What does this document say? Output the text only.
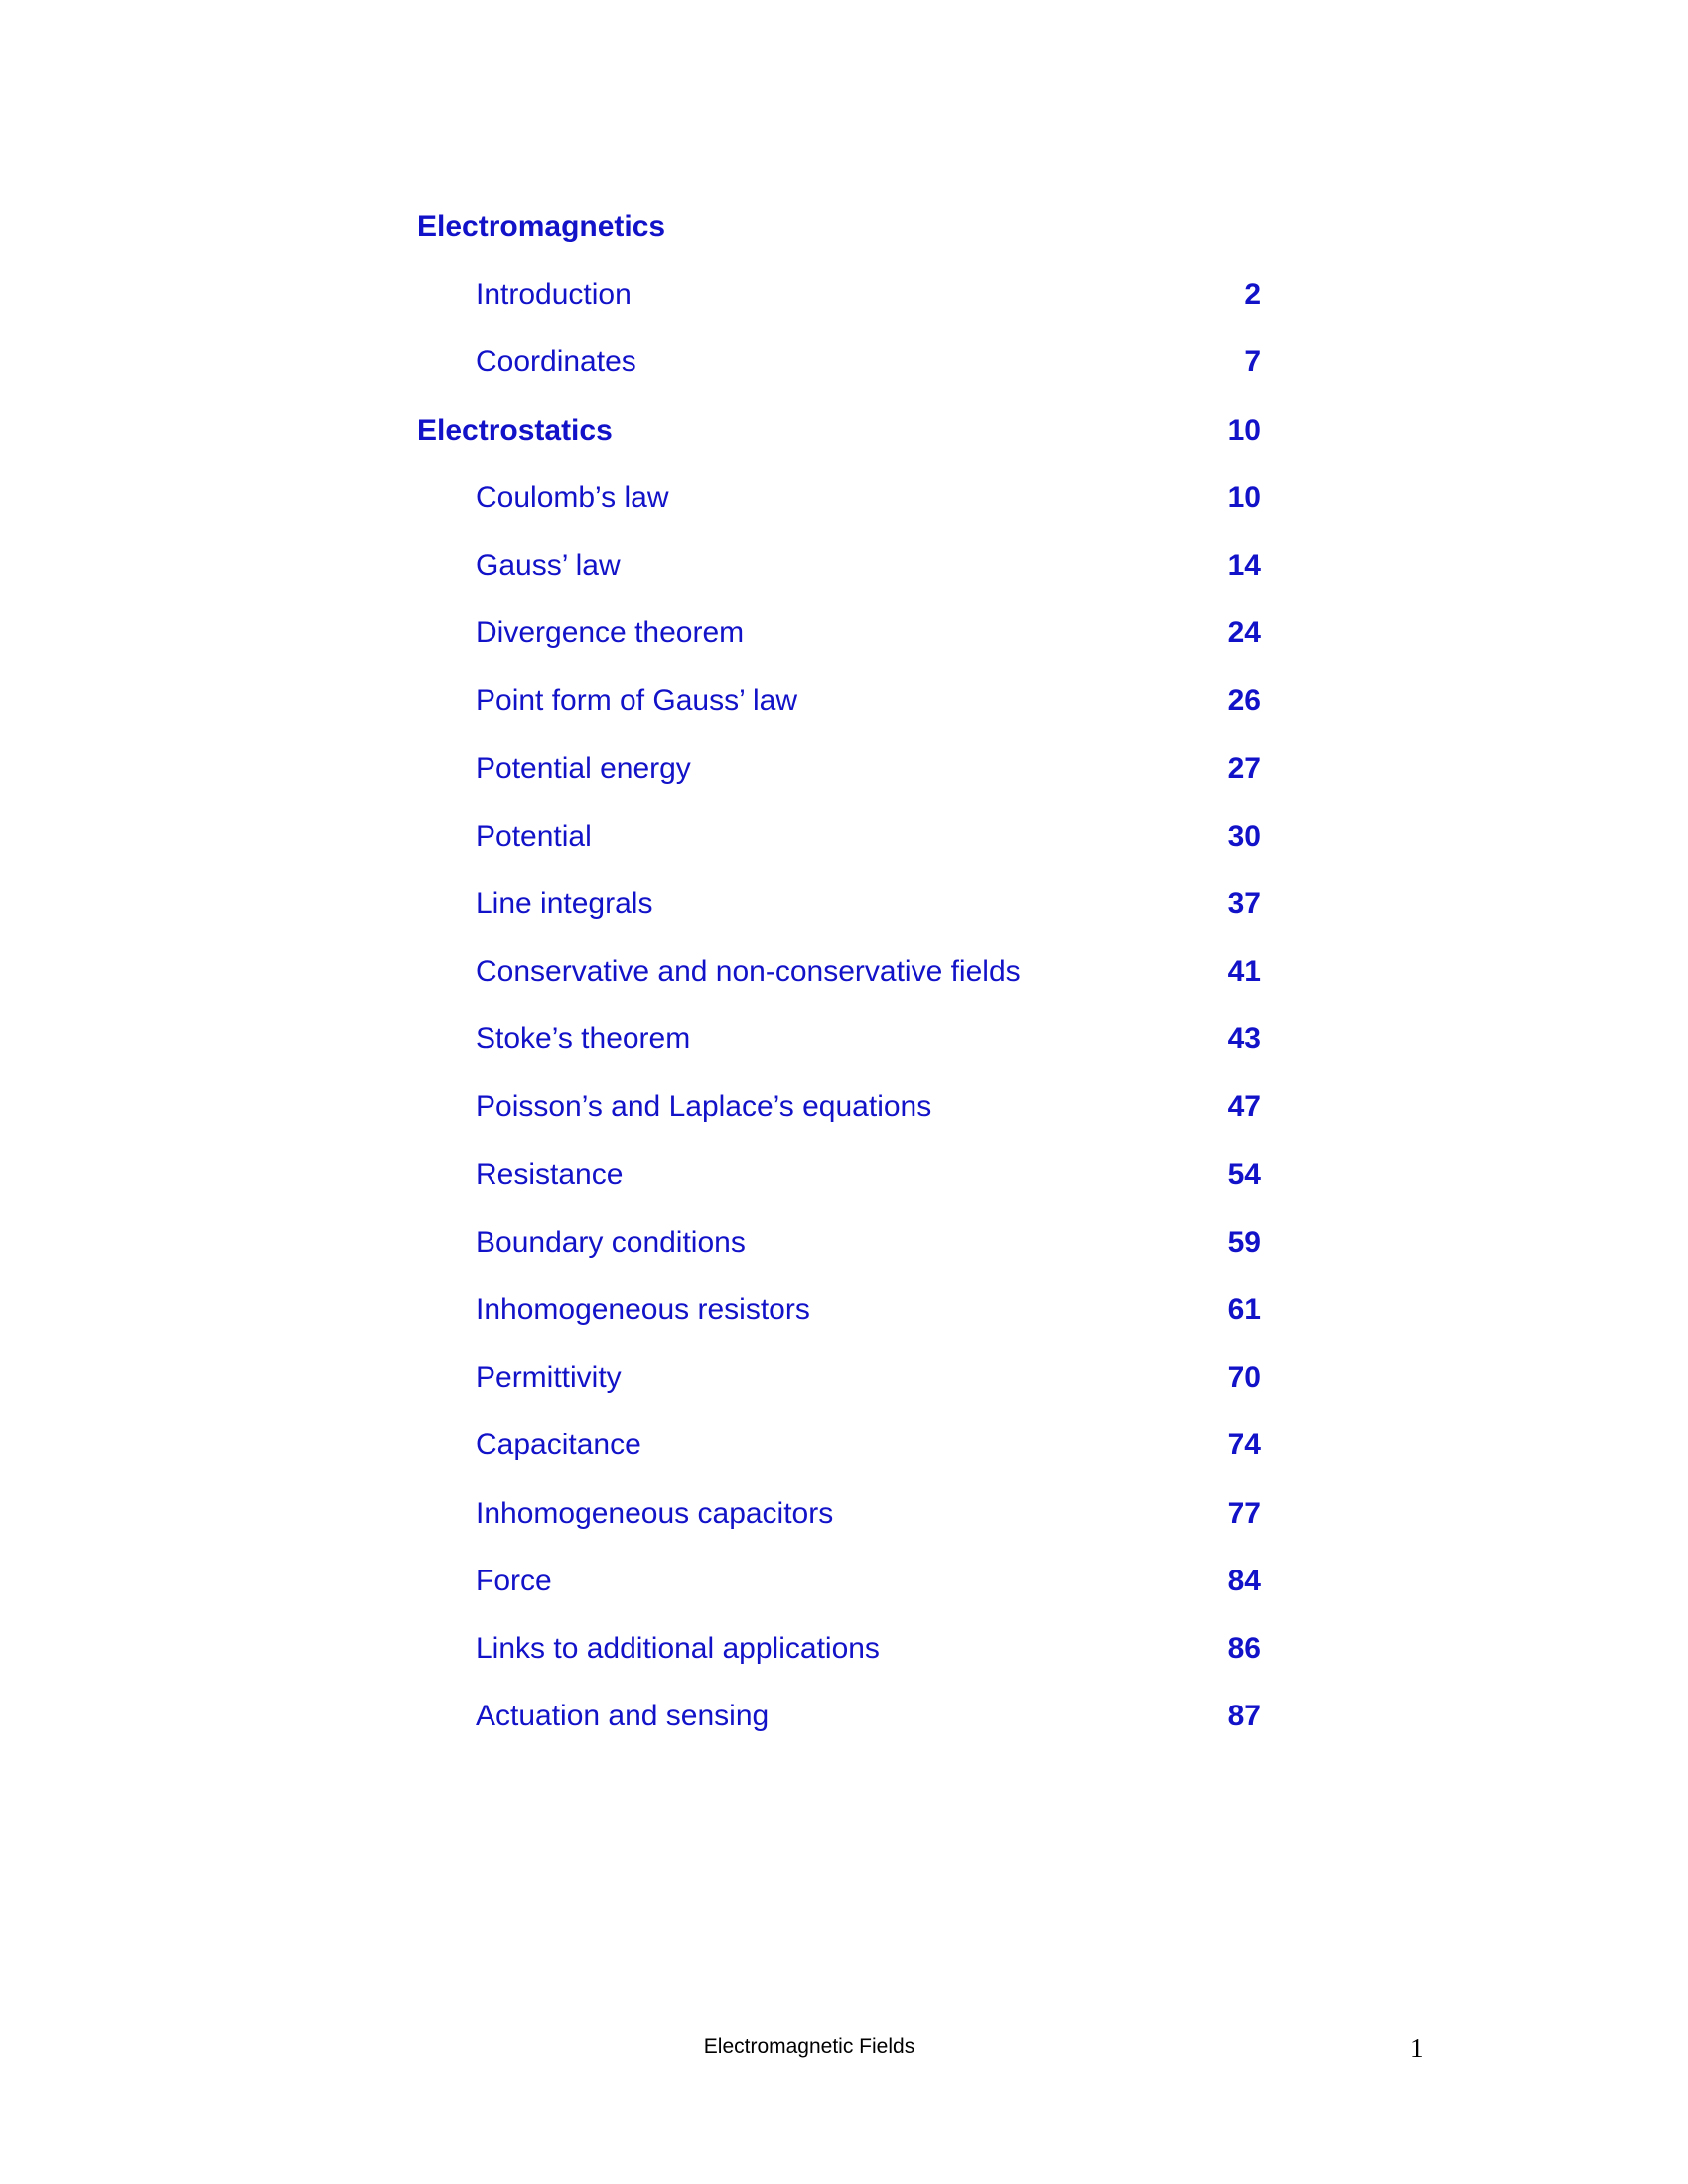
Electromagnetics
Introduction	2
Coordinates	7
Electrostatics	10
Coulomb’s law	10
Gauss’ law	14
Divergence theorem	24
Point form of Gauss’ law	26
Potential energy	27
Potential	30
Line integrals	37
Conservative and non-conservative fields	41
Stoke’s theorem	43
Poisson’s and Laplace’s equations	47
Resistance	54
Boundary conditions	59
Inhomogeneous resistors	61
Permittivity	70
Capacitance	74
Inhomogeneous capacitors	77
Force	84
Links to additional applications	86
Actuation and sensing	87
Electromagnetic Fields	1
